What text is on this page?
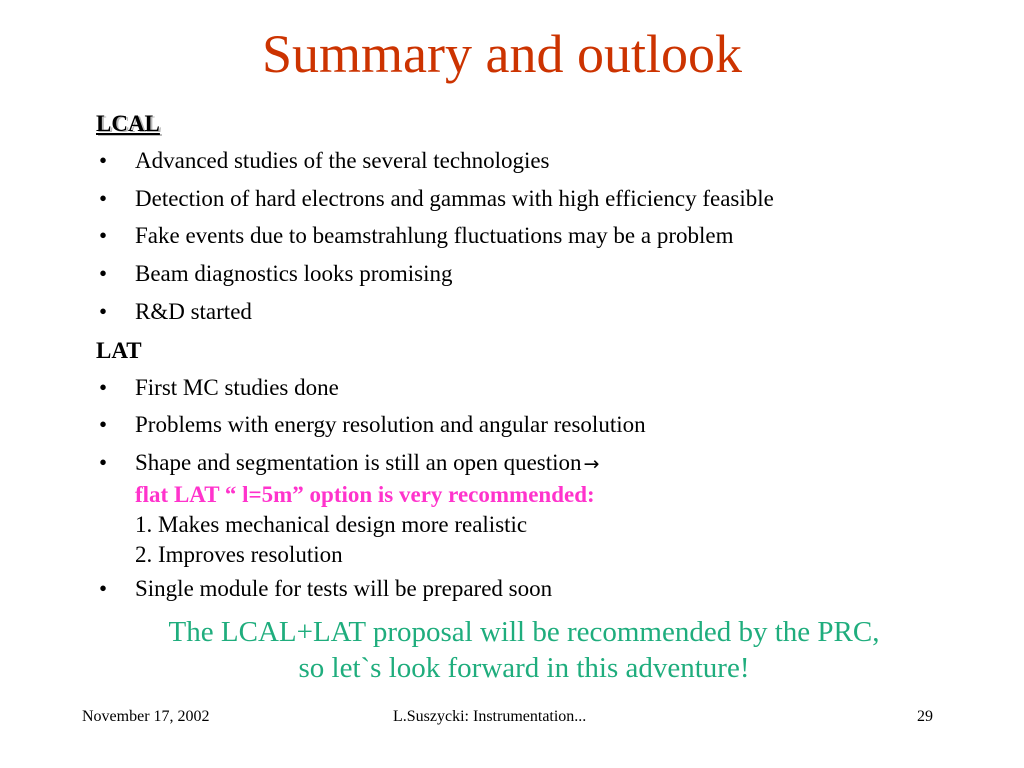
Summary and outlook
LCAL
• Advanced studies of the several technologies
• Detection of hard electrons and gammas with high efficiency feasible
• Fake events due to beamstrahlung fluctuations may be a problem
• Beam diagnostics looks promising
• R&D started
LAT
• First MC studies done
• Problems with energy resolution and angular resolution
• Shape and segmentation is still an open question →
flat LAT “ l=5m” option is very recommended:
1. Makes mechanical design more realistic
2. Improves resolution
• Single module for tests will be prepared soon
The LCAL+LAT proposal will be recommended by the PRC,
so let`s look forward in this adventure!
November 17, 2002	L.Suszycki: Instrumentation...	29
